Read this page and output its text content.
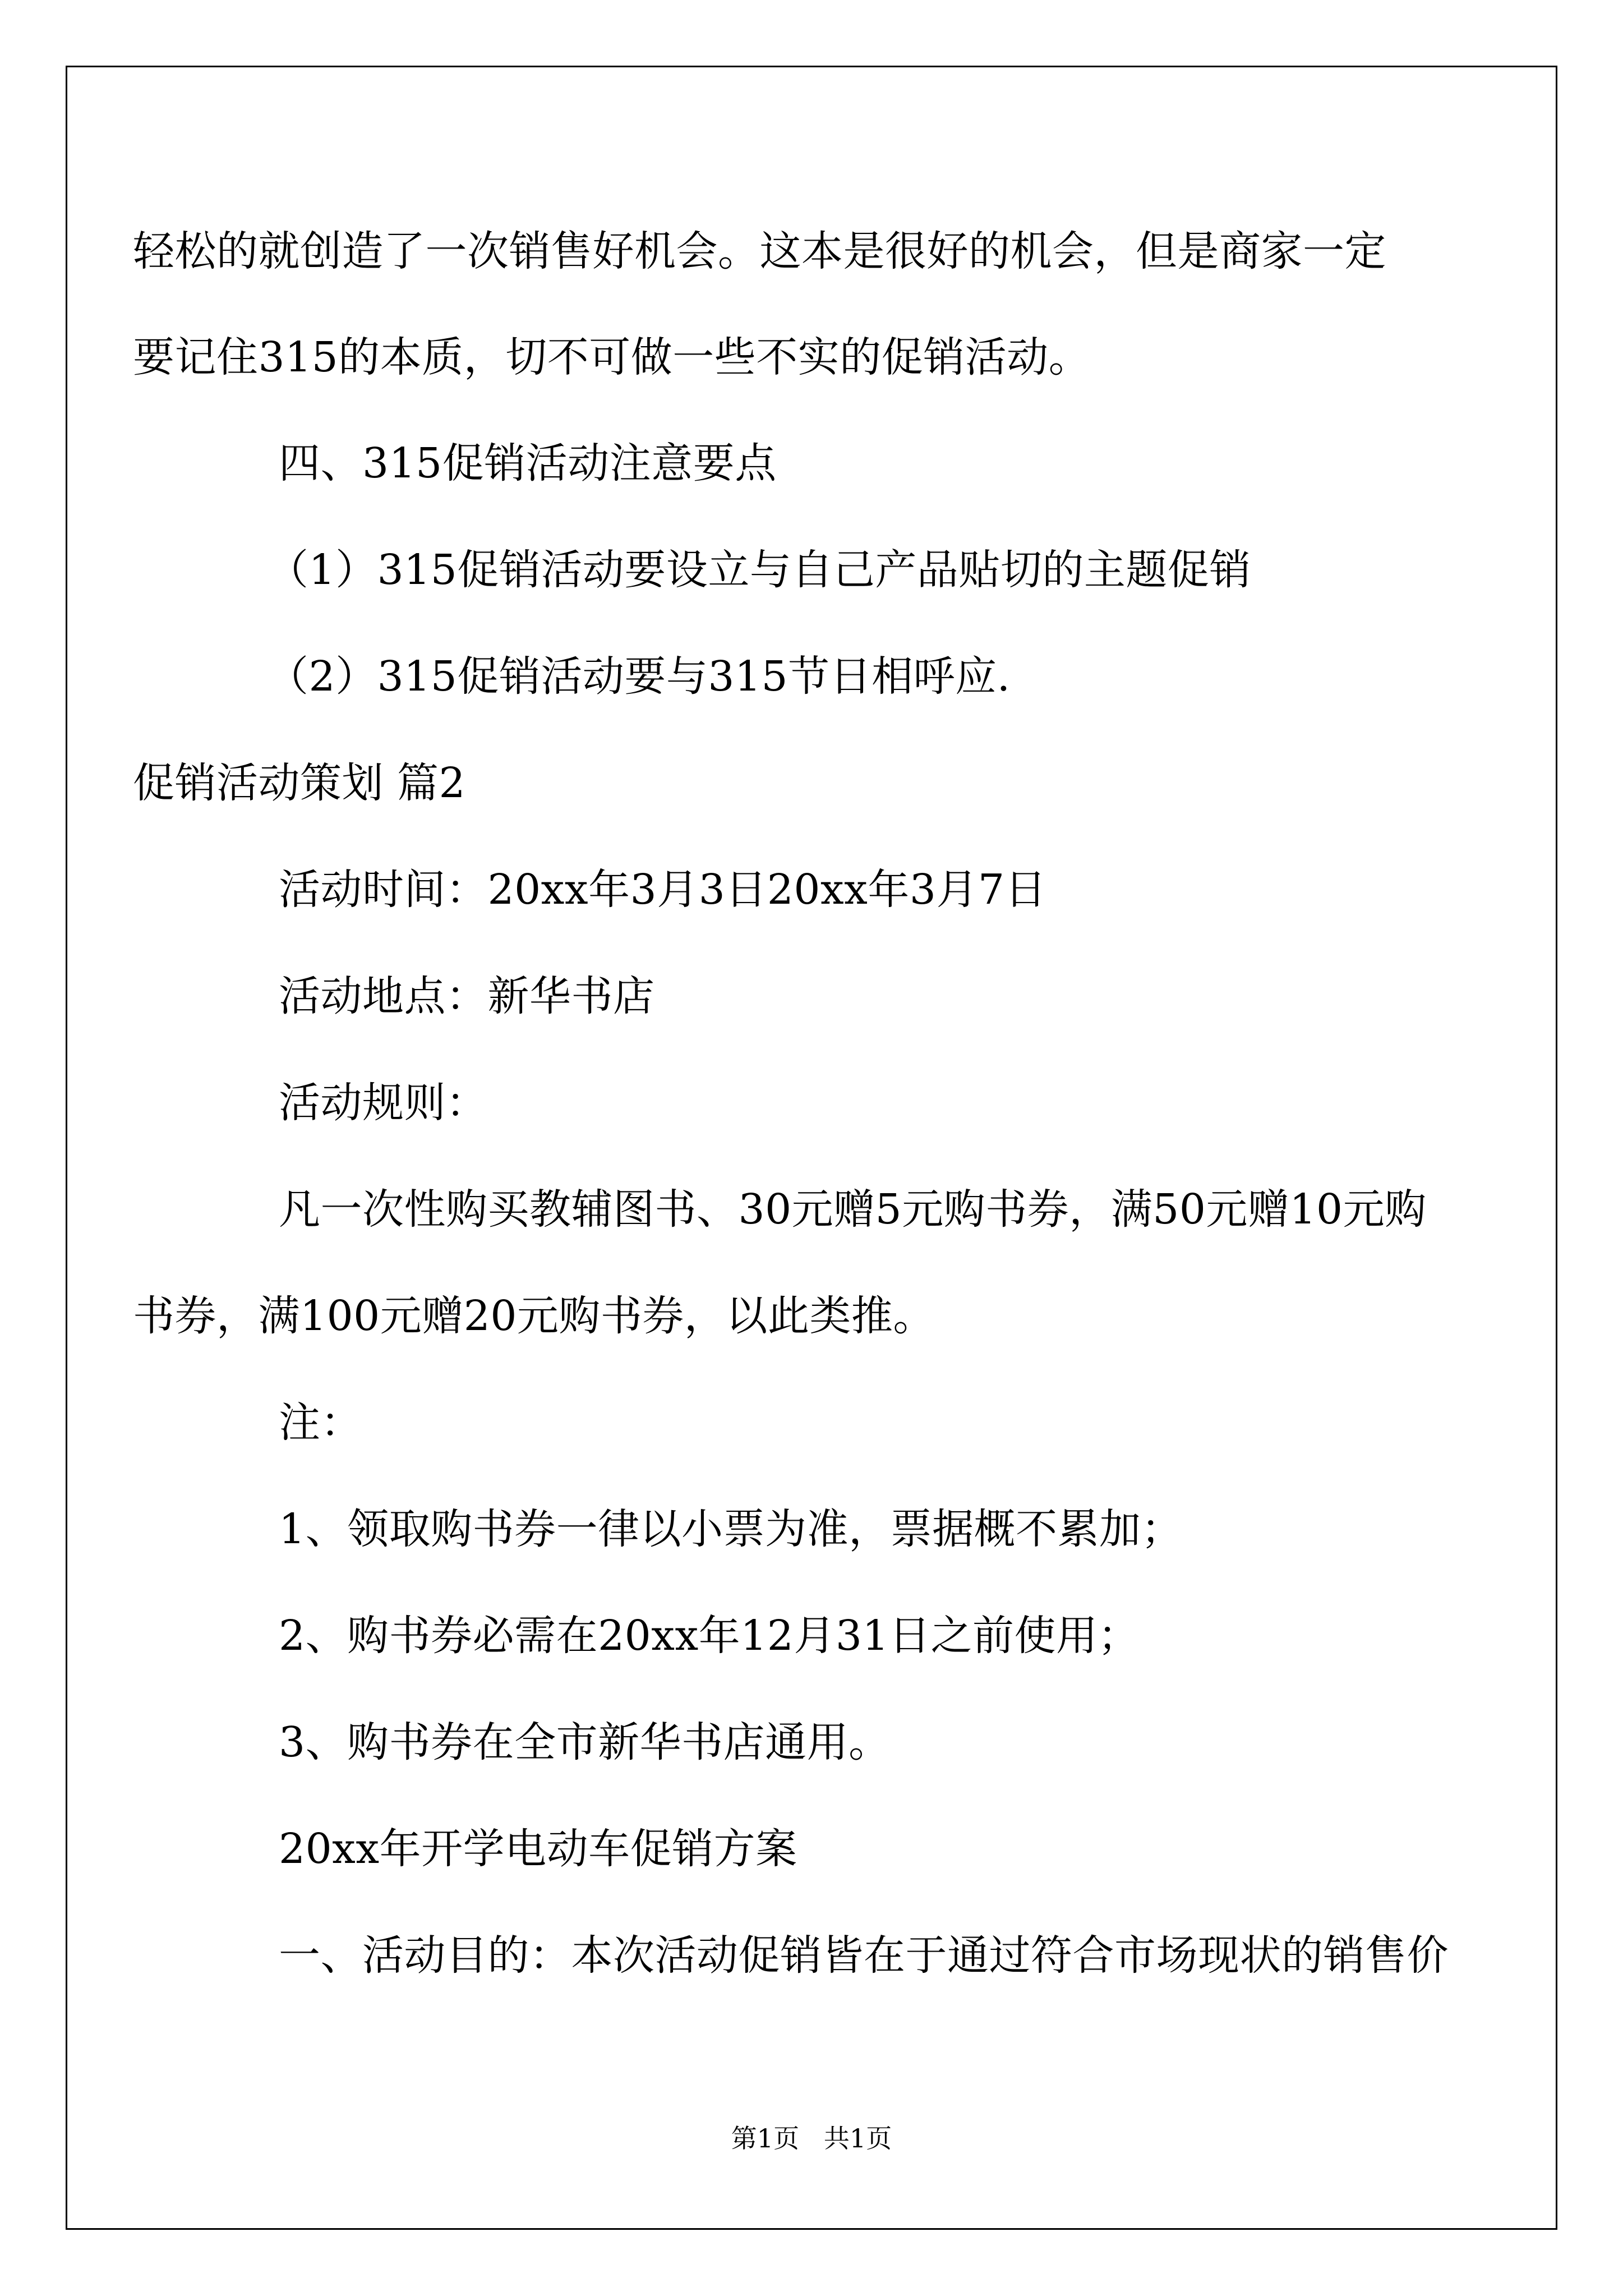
轻松的就创造了一次销售好机会。这本是很好的机会，但是商家一定
要记住315的本质，切不可做一些不实的促销活动。
四、315促销活动注意要点
（1）315促销活动要设立与自己产品贴切的主题促销
（2）315促销活动要与315节日相呼应.
促销活动策划 篇2
活动时间：20xx年3月3日20xx年3月7日
活动地点：新华书店
活动规则：
凡一次性购买教辅图书、30元赠5元购书券，满50元赠10元购
书券，满100元赠20元购书券，以此类推。
注：
1、领取购书券一律以小票为准，票据概不累加；
2、购书券必需在20xx年12月31日之前使用；
3、购书券在全市新华书店通用。
20xx年开学电动车促销方案
一、活动目的：本次活动促销皆在于通过符合市场现状的销售价
第1页   共1页
